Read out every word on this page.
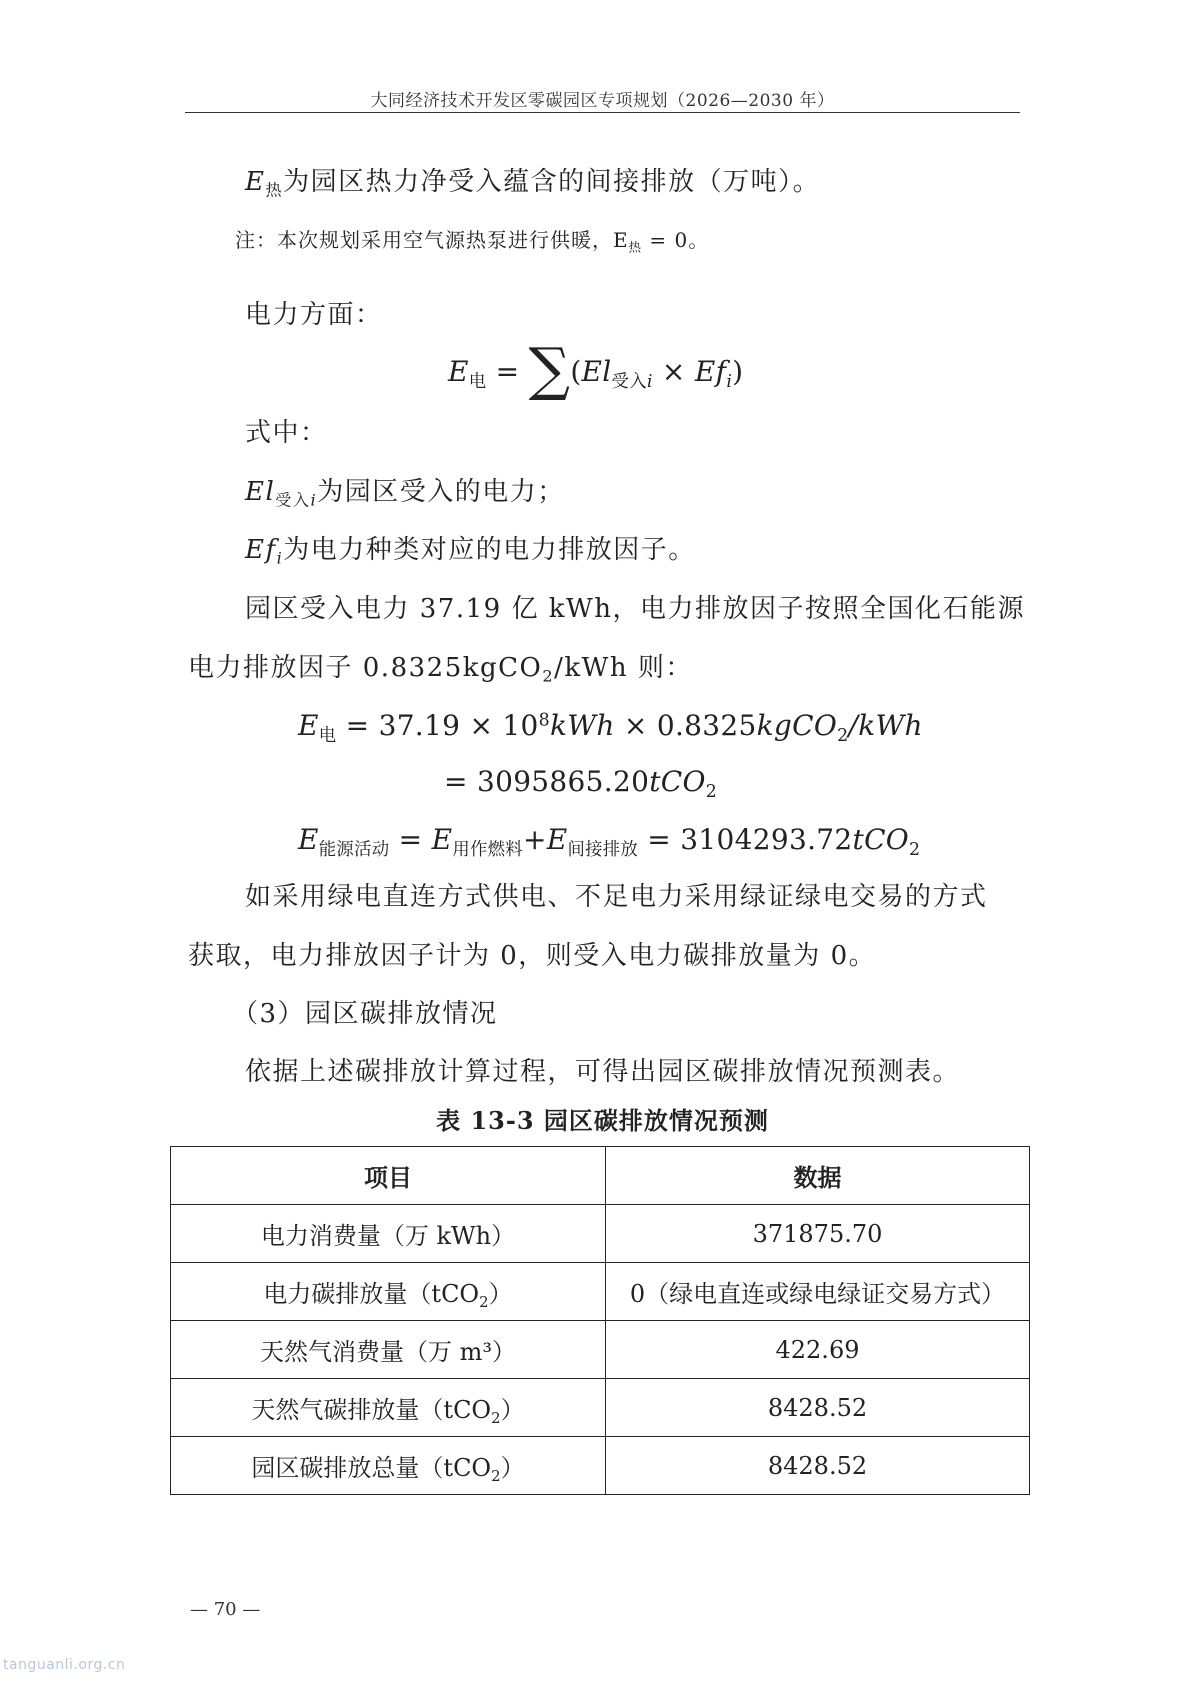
大同经济技术开发区零碳园区专项规划（2026—2030 年）
$E_热$为园区热力净受入蕴含的间接排放（万吨）。
注：本次规划采用空气源热泵进行供暖，$E_热 = 0$。
电力方面：
$E_电 = \sum(El_{受入i} \times Ef_i)$
式中：
$El_{受入i}$为园区受入的电力；
$Ef_i$为电力种类对应的电力排放因子。
园区受入电力 37.19 亿 kWh，电力排放因子按照全国化石能源
电力排放因子 0.8325kgCO$_2$/kWh 则：
$E_电 = 37.19 \times 10^8kWh$ × 0.8325kgCO$_2$/kWh
= 3095865.20tCO$_2$
$E_{能源活动} = E_{用作燃料}+E_{间接排放} = 3104293.72tCO_2$
如采用绿电直连方式供电、不足电力采用绿证绿电交易的方式
获取，电力排放因子计为 0，则受入电力碳排放量为 0。
（3）园区碳排放情况
依据上述碳排放计算过程，可得出园区碳排放情况预测表。
表 13-3 园区碳排放情况预测
项目	数据
电力消费量（万 kWh）	371875.70
电力碳排放量（tCO$_2$）	0（绿电直连或绿电绿证交易方式）
天然气消费量（万 m³）	422.69
天然气碳排放量（tCO$_2$）	8428.52
园区碳排放总量（tCO$_2$）	8428.52
— 70 —
tanguanli.org.cn
